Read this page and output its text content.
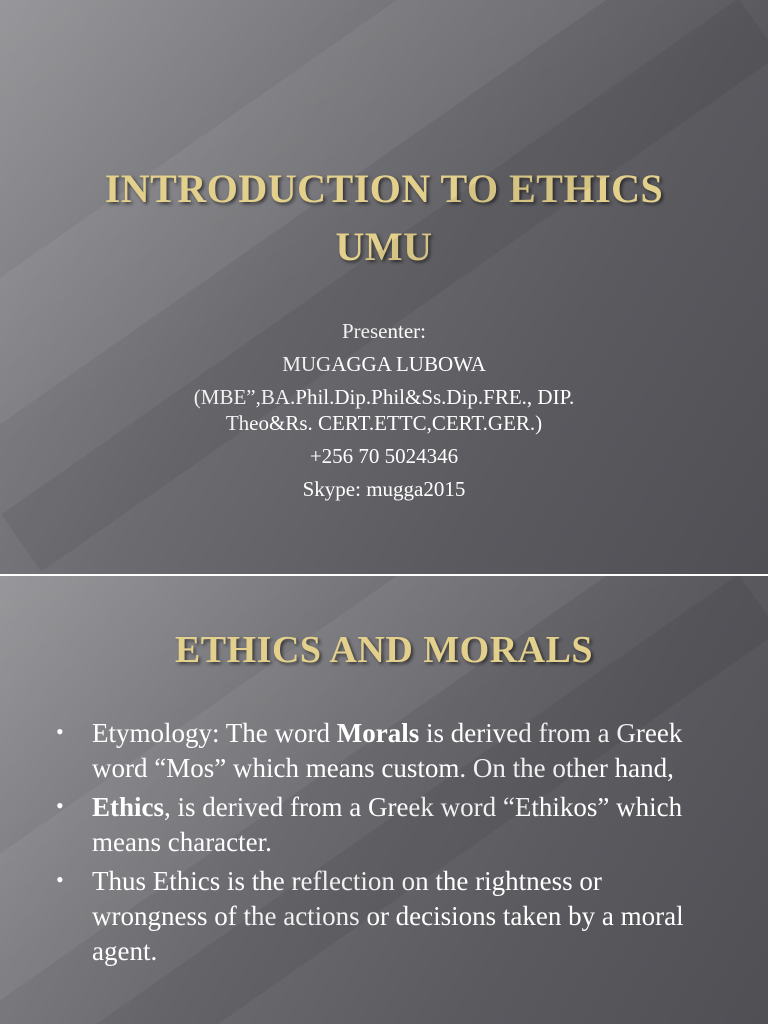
INTRODUCTION TO ETHICS
UMU
Presenter:
MUGAGGA LUBOWA
(MBE”,BA.Phil.Dip.Phil&Ss.Dip.FRE., DIP.
Theo&Rs. CERT.ETTC,CERT.GER.)
+256 70 5024346
Skype: mugga2015
ETHICS AND MORALS
• Etymology: The word Morals is derived from a Greek word “Mos” which means custom. On the other hand,
• Ethics, is derived from a Greek word “Ethikos” which means character.
• Thus Ethics is the reflection on the rightness or wrongness of the actions or decisions taken by a moral agent.
